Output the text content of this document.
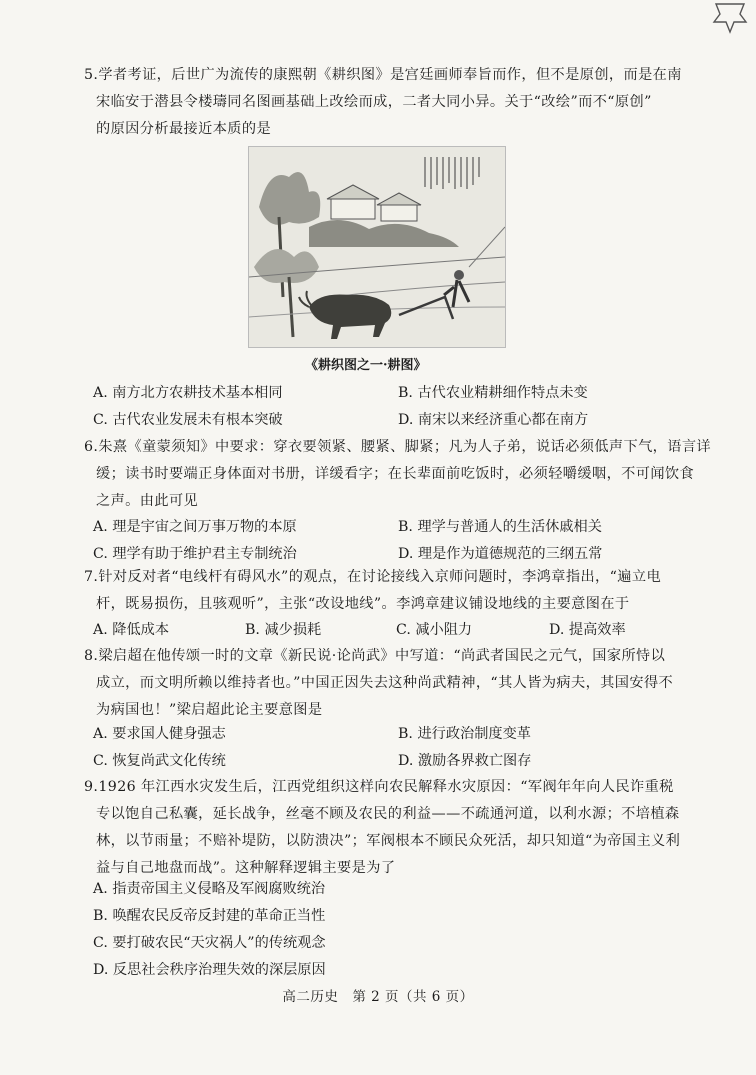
5.学者考证，后世广为流传的康熙朝《耕织图》是宫廷画师奉旨而作，但不是原创，而是在南

宋临安于潜县令楼璹同名图画基础上改绘而成，二者大同小异。关于“改绘”而不“原创”

的原因分析最接近本质的是

《耕织图之一·耕图》
A. 南方北方农耕技术基本相同	B. 古代农业精耕细作特点未变
C. 古代农业发展未有根本突破	D. 南宋以来经济重心都在南方

6.朱熹《童蒙须知》中要求：穿衣要领紧、腰紧、脚紧；凡为人子弟，说话必须低声下气，语言详

缓；读书时要端正身体面对书册，详缓看字；在长辈面前吃饭时，必须轻嚼缓咽，不可闻饮食

之声。由此可见

A. 理是宇宙之间万事万物的本原	B. 理学与普通人的生活休戚相关
C. 理学有助于维护君主专制统治	D. 理是作为道德规范的三纲五常

7.针对反对者“电线杆有碍风水”的观点，在讨论接线入京师问题时，李鸿章指出，“遍立电

杆，既易损伤，且骇观听”，主张“改设地线”。李鸿章建议铺设地线的主要意图在于

A. 降低成本	B. 减少损耗	C. 减小阻力	D. 提高效率

8.梁启超在他传颂一时的文章《新民说·论尚武》中写道：“尚武者国民之元气，国家所恃以

成立，而文明所赖以维持者也。”中国正因失去这种尚武精神，“其人皆为病夫，其国安得不

为病国也！”梁启超此论主要意图是

A. 要求国人健身强志	B. 进行政治制度变革
C. 恢复尚武文化传统	D. 激励各界救亡图存

9.1926 年江西水灾发生后，江西党组织这样向农民解释水灾原因：“军阀年年向人民诈重税

专以饱自己私囊，延长战争，丝毫不顾及农民的利益——不疏通河道，以利水源；不培植森

林，以节雨量；不赔补堤防，以防溃决”；军阀根本不顾民众死活，却只知道“为帝国主义利

益与自己地盘而战”。这种解释逻辑主要是为了

A. 指责帝国主义侵略及军阀腐败统治
B. 唤醒农民反帝反封建的革命正当性
C. 要打破农民“天灾祸人”的传统观念
D. 反思社会秩序治理失效的深层原因
高二历史　第 2 页（共 6 页）
